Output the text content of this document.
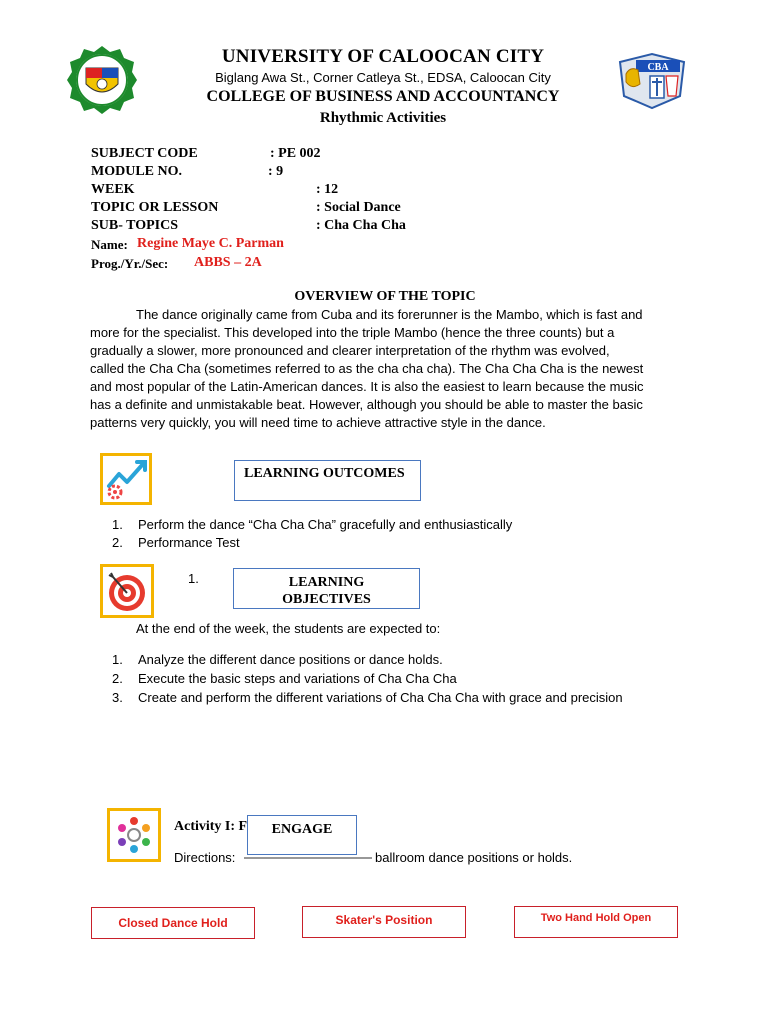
CBA
UNIVERSITY OF CALOOCAN CITY
Biglang Awa St., Corner Catleya St., EDSA, Caloocan City
COLLEGE OF BUSINESS AND ACCOUNTANCY
Rhythmic Activities
SUBJECT CODE	: PE 002
MODULE NO.	: 9
WEEK	: 12
TOPIC OR LESSON	: Social Dance
SUB- TOPICS	: Cha Cha Cha
Name: Regine Maye C. Parman
Prog./Yr./Sec: ABBS – 2A
OVERVIEW OF THE TOPIC
The dance originally came from Cuba and its forerunner is the Mambo, which is fast and
more for the specialist. This developed into the triple Mambo (hence the three counts) but a
gradually a slower, more pronounced and clearer interpretation of the rhythm was evolved,
called the Cha Cha (sometimes referred to as the cha cha cha). The Cha Cha Cha is the newest
and most popular of the Latin-American dances. It is also the easiest to learn because the music
has a definite and unmistakable beat. However, although you should be able to master the basic
patterns very quickly, you will need time to achieve attractive style in the dance.
LEARNING OUTCOMES
1. Perform the dance “Cha Cha Cha” gracefully and enthusiastically
2. Performance Test
1.	LEARNING
OBJECTIVES
At the end of the week, the students are expected to:
1. Analyze the different dance positions or dance holds.
2. Execute the basic steps and variations of Cha Cha Cha
3. Create and perform the different variations of Cha Cha Cha with grace and precision
Activity I: F
Directions:	ballroom dance positions or holds.
ENGAGE
Closed Dance Hold	Skater's Position	Two Hand Hold Open
